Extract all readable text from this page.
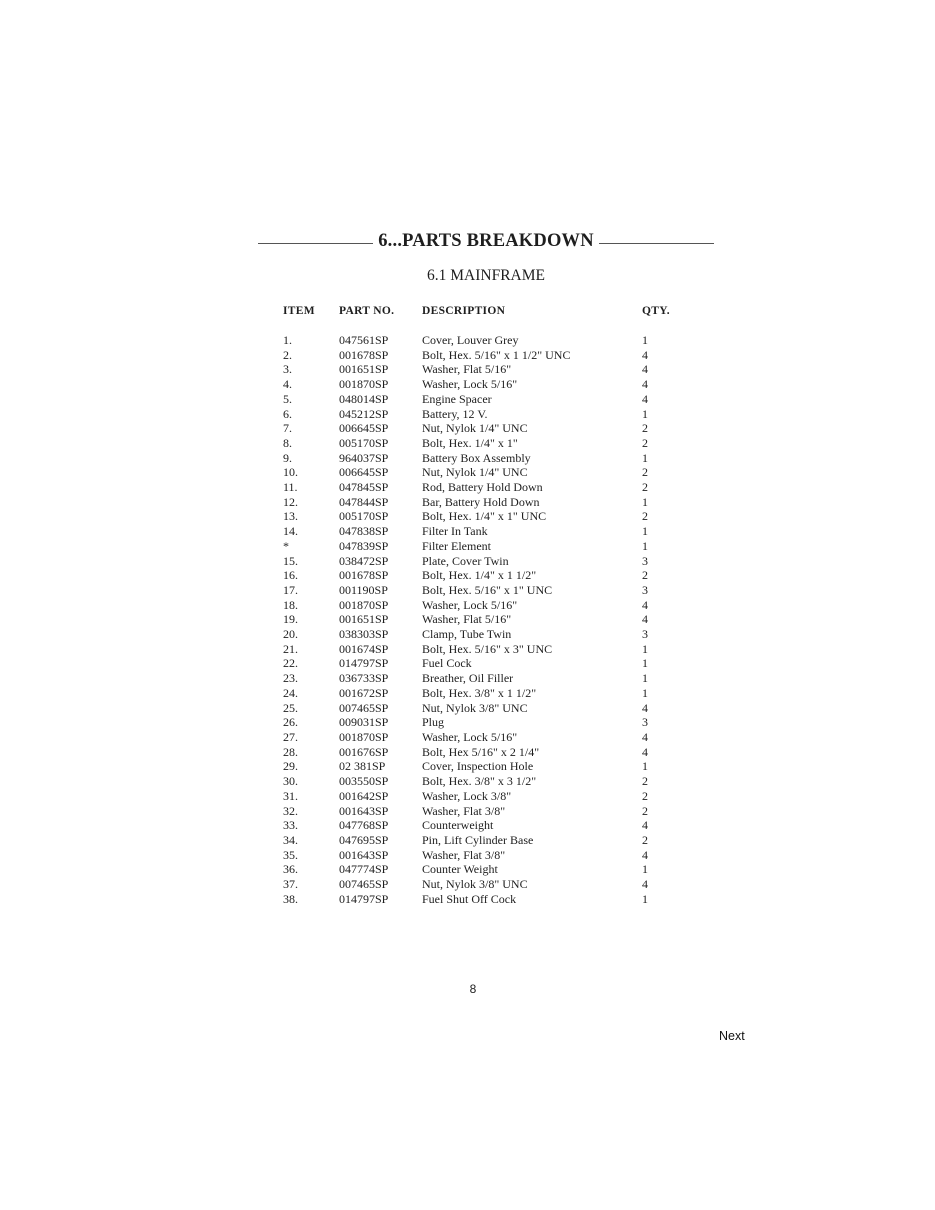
6...PARTS BREAKDOWN
6.1 MAINFRAME
ITEM	PART NO.	DESCRIPTION	QTY.

1.	047561SP	Cover, Louver Grey	1
2.	001678SP	Bolt, Hex. 5/16" x 1 1/2" UNC	4
3.	001651SP	Washer, Flat 5/16"	4
4.	001870SP	Washer, Lock 5/16"	4
5.	048014SP	Engine Spacer	4
6.	045212SP	Battery, 12 V.	1
7.	006645SP	Nut, Nylok 1/4" UNC	2
8.	005170SP	Bolt, Hex. 1/4" x 1"	2
9.	964037SP	Battery Box Assembly	1
10.	006645SP	Nut, Nylok 1/4" UNC	2
11.	047845SP	Rod, Battery Hold Down	2
12.	047844SP	Bar, Battery Hold Down	1
13.	005170SP	Bolt, Hex. 1/4" x 1" UNC	2
14.	047838SP	Filter In Tank	1
*	047839SP	Filter Element	1
15.	038472SP	Plate, Cover Twin	3
16.	001678SP	Bolt, Hex. 1/4" x 1 1/2"	2
17.	001190SP	Bolt, Hex. 5/16" x 1" UNC	3
18.	001870SP	Washer, Lock 5/16"	4
19.	001651SP	Washer, Flat 5/16"	4
20.	038303SP	Clamp, Tube Twin	3
21.	001674SP	Bolt, Hex. 5/16" x 3" UNC	1
22.	014797SP	Fuel Cock	1
23.	036733SP	Breather, Oil Filler	1
24.	001672SP	Bolt, Hex. 3/8" x 1 1/2"	1
25.	007465SP	Nut, Nylok 3/8" UNC	4
26.	009031SP	Plug	3
27.	001870SP	Washer, Lock 5/16"	4
28.	001676SP	Bolt, Hex 5/16" x 2 1/4"	4
29.	02 381SP	Cover, Inspection Hole	1
30.	003550SP	Bolt, Hex. 3/8" x 3 1/2"	2
31.	001642SP	Washer, Lock 3/8"	2
32.	001643SP	Washer, Flat 3/8"	2
33.	047768SP	Counterweight	4
34.	047695SP	Pin, Lift Cylinder Base	2
35.	001643SP	Washer, Flat 3/8"	4
36.	047774SP	Counter Weight	1
37.	007465SP	Nut, Nylok 3/8" UNC	4
38.	014797SP	Fuel Shut Off Cock	1
8
Next
